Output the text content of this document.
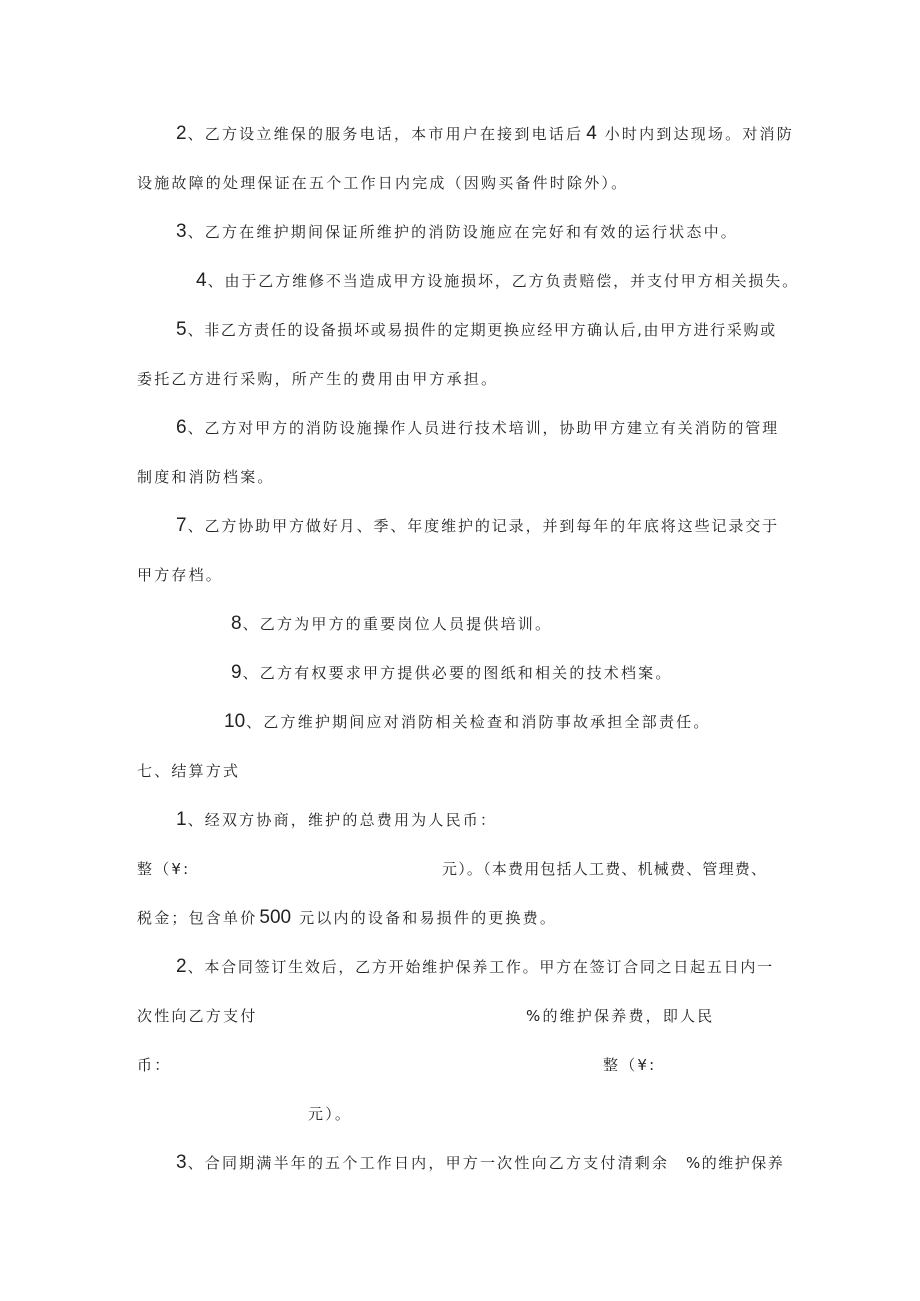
2、乙方设立维保的服务电话，本市用户在接到电话后 4 小时内到达现场。对消防
设施故障的处理保证在五个工作日内完成（因购买备件时除外）。
3、乙方在维护期间保证所维护的消防设施应在完好和有效的运行状态中。
4、由于乙方维修不当造成甲方设施损坏，乙方负责赔偿，并支付甲方相关损失。
5、非乙方责任的设备损坏或易损件的定期更换应经甲方确认后,由甲方进行采购或
委托乙方进行采购，所产生的费用由甲方承担。
6、乙方对甲方的消防设施操作人员进行技术培训，协助甲方建立有关消防的管理
制度和消防档案。
7、乙方协助甲方做好月、季、年度维护的记录，并到每年的年底将这些记录交于
甲方存档。
8、乙方为甲方的重要岗位人员提供培训。
9、乙方有权要求甲方提供必要的图纸和相关的技术档案。
10、乙方维护期间应对消防相关检查和消防事故承担全部责任。
七、结算方式
1、经双方协商，维护的总费用为人民币：
整（¥:	元）。（本费用包括人工费、机械费、管理费、
税金；包含单价 500 元以内的设备和易损件的更换费。
2、本合同签订生效后，乙方开始维护保养工作。甲方在签订合同之日起五日内一
次性向乙方支付	%的维护保养费，即人民
币：	整（¥:
元）。
3、合同期满半年的五个工作日内，甲方一次性向乙方支付清剩余 %的维护保养
